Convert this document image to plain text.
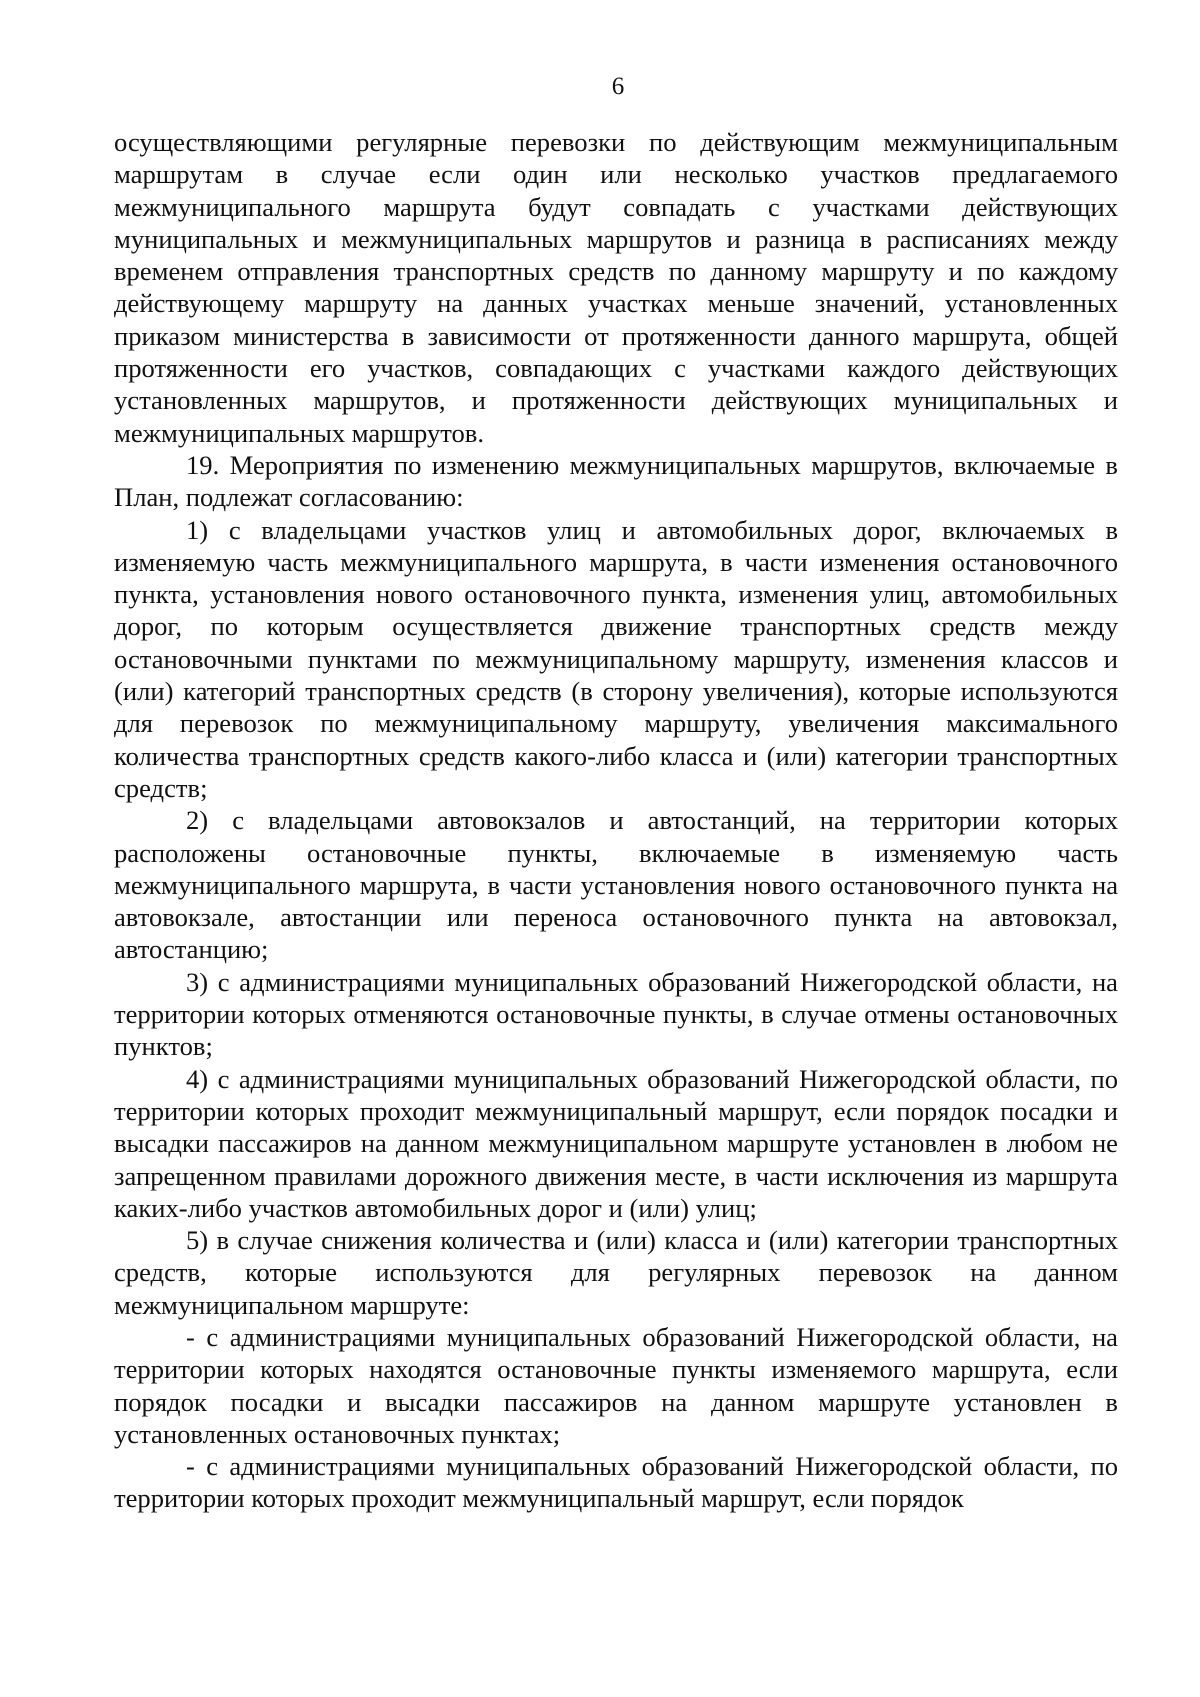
6

осуществляющими регулярные перевозки по действующим межмуниципальным маршрутам в случае если один или несколько участков предлагаемого межмуниципального маршрута будут совпадать с участками действующих муниципальных и межмуниципальных маршрутов и разница в расписаниях между временем отправления транспортных средств по данному маршруту и по каждому действующему маршруту на данных участках меньше значений, установленных приказом министерства в зависимости от протяженности данного маршрута, общей протяженности его участков, совпадающих с участками каждого действующих установленных маршрутов, и протяженности действующих муниципальных и межмуниципальных маршрутов.

19. Мероприятия по изменению межмуниципальных маршрутов, включаемые в План, подлежат согласованию:

1) с владельцами участков улиц и автомобильных дорог, включаемых в изменяемую часть межмуниципального маршрута, в части изменения остановочного пункта, установления нового остановочного пункта, изменения улиц, автомобильных дорог, по которым осуществляется движение транспортных средств между остановочными пунктами по межмуниципальному маршруту, изменения классов и (или) категорий транспортных средств (в сторону увеличения), которые используются для перевозок по межмуниципальному маршруту, увеличения максимального количества транспортных средств какого-либо класса и (или) категории транспортных средств;

2) с владельцами автовокзалов и автостанций, на территории которых расположены остановочные пункты, включаемые в изменяемую часть межмуниципального маршрута, в части установления нового остановочного пункта на автовокзале, автостанции или переноса остановочного пункта на автовокзал, автостанцию;

3) с администрациями муниципальных образований Нижегородской области, на территории которых отменяются остановочные пункты, в случае отмены остановочных пунктов;

4) с администрациями муниципальных образований Нижегородской области, по территории которых проходит межмуниципальный маршрут, если порядок посадки и высадки пассажиров на данном межмуниципальном маршруте установлен в любом не запрещенном правилами дорожного движения месте, в части исключения из маршрута каких-либо участков автомобильных дорог и (или) улиц;

5) в случае снижения количества и (или) класса и (или) категории транспортных средств, которые используются для регулярных перевозок на данном межмуниципальном маршруте:

- с администрациями муниципальных образований Нижегородской области, на территории которых находятся остановочные пункты изменяемого маршрута, если порядок посадки и высадки пассажиров на данном маршруте установлен в установленных остановочных пунктах;

- с администрациями муниципальных образований Нижегородской области, по территории которых проходит межмуниципальный маршрут, если порядок
